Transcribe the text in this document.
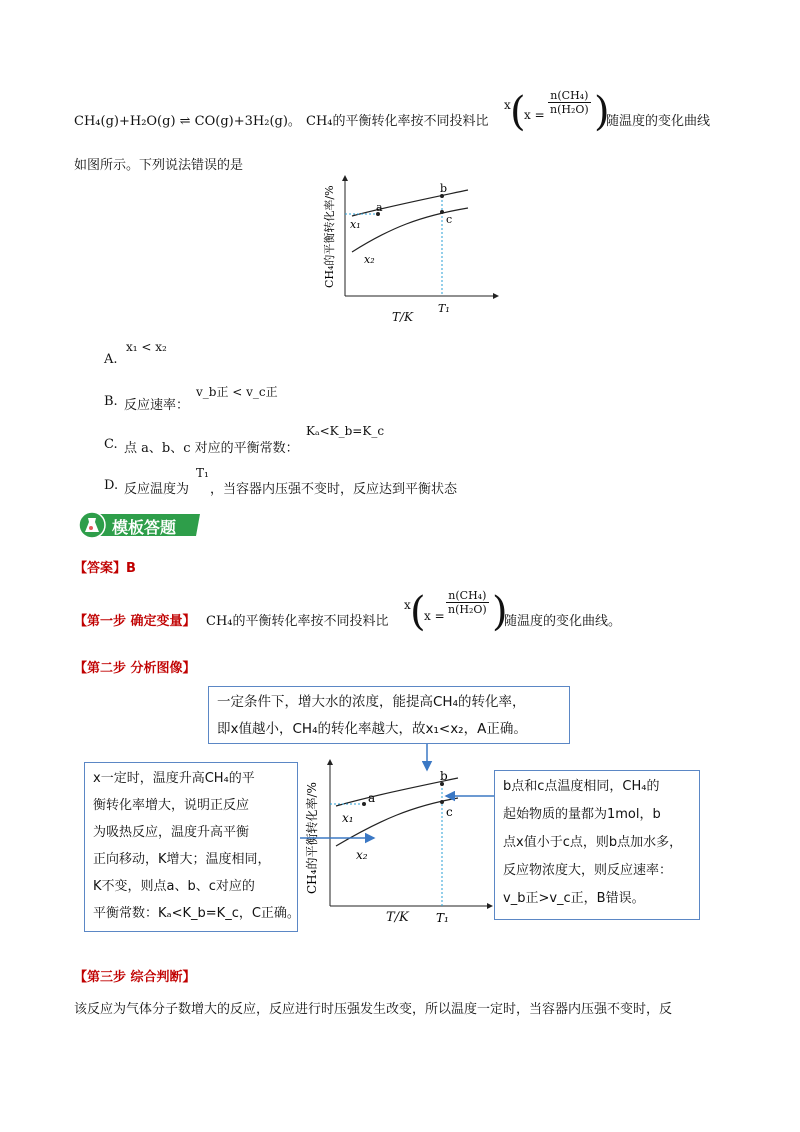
CH₄(g)+H₂O(g) ⇌ CO(g)+3H₂(g)。 CH₄的平衡转化率按不同投料比
x (
$x = \frac{\text{n(CH₄)}}{\text{n(H₂O)}}$ )
随温度的变化曲线
如图所示。下列说法错误的是
a
b
c
x₁
x₂
T₁
CH₄的平衡转化率/%
T/K
A.
x₁ < x₂
B. 反应速率：
v_b正 < v_c正
C. 点 a、b、c 对应的平衡常数：
Kₐ<K_b=K_c
D. 反应温度为
T₁
，当容器内压强不变时，反应达到平衡状态
模板答题
【答案】B
【第一步 确定变量】 CH₄的平衡转化率按不同投料比
x (
$x = \frac{\text{n(CH₄)}}{\text{n(H₂O)}}$ )
随温度的变化曲线。
【第二步 分析图像】
a
b
c
x₁
x₂
T₁
CH₄的平衡转化率/%
T/K
一定条件下，增大水的浓度，能提高CH₄的转化率，
即x值越小，CH₄的转化率越大，故x₁<x₂，A正确。
x一定时，温度升高CH₄的平
衡转化率增大，说明正反应
为吸热反应，温度升高平衡
正向移动，K增大；温度相同，
K不变，则点a、b、c对应的
平衡常数：Kₐ<K_b=K_c，C正确。
b点和c点温度相同，CH₄的
起始物质的量都为1mol，b
点x值小于c点，则b点加水多，
反应物浓度大，则反应速率：
v_b正>v_c正，B错误。
【第三步 综合判断】
该反应为气体分子数增大的反应，反应进行时压强发生改变，所以温度一定时，当容器内压强不变时，反
